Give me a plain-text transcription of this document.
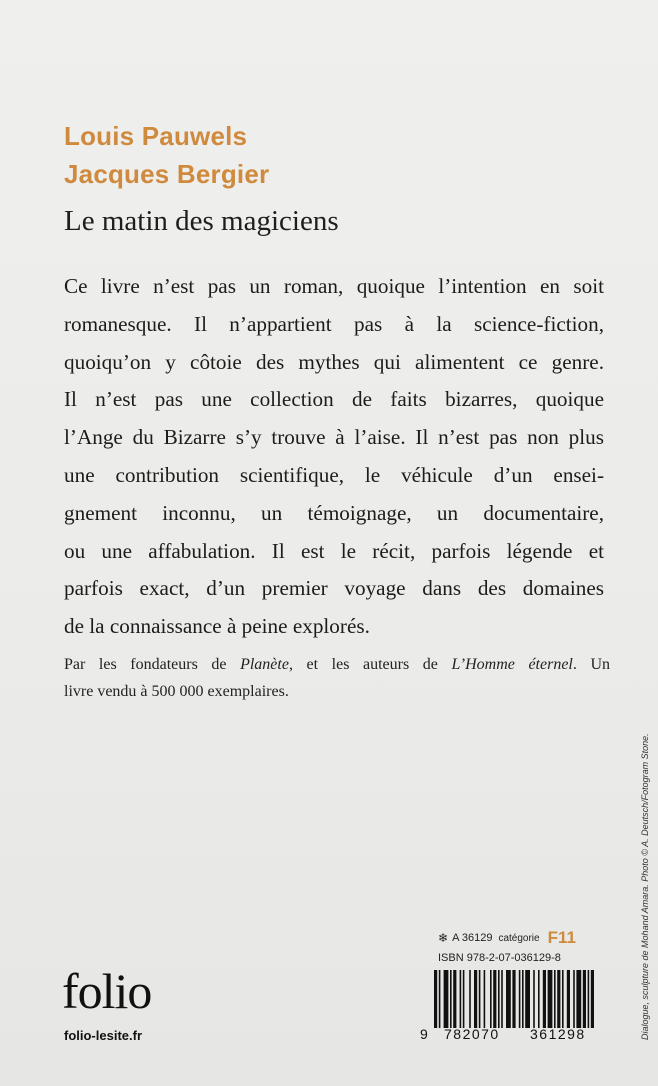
Louis Pauwels
Jacques Bergier
Le matin des magiciens
Ce livre n’est pas un roman, quoique l’intention en soit
romanesque. Il n’appartient pas à la science-fiction,
quoiqu’on y côtoie des mythes qui alimentent ce genre.
Il n’est pas une collection de faits bizarres, quoique
l’Ange du Bizarre s’y trouve à l’aise. Il n’est pas non plus
une contribution scientifique, le véhicule d’un ensei-
gnement inconnu, un témoignage, un documentaire,
ou une affabulation. Il est le récit, parfois légende et
parfois exact, d’un premier voyage dans des domaines
de la connaissance à peine explorés.
Par les fondateurs de Planète, et les auteurs de L’Homme éternel. Un
livre vendu à 500 000 exemplaires.
Dialogue, sculpture de Mohand Amara. Photo © A. Deutsch/Fotogram Stone.
❄ A 36129 catégorie F11
ISBN 978-2-07-036129-8
9 782070 361298
folio
folio-lesite.fr
